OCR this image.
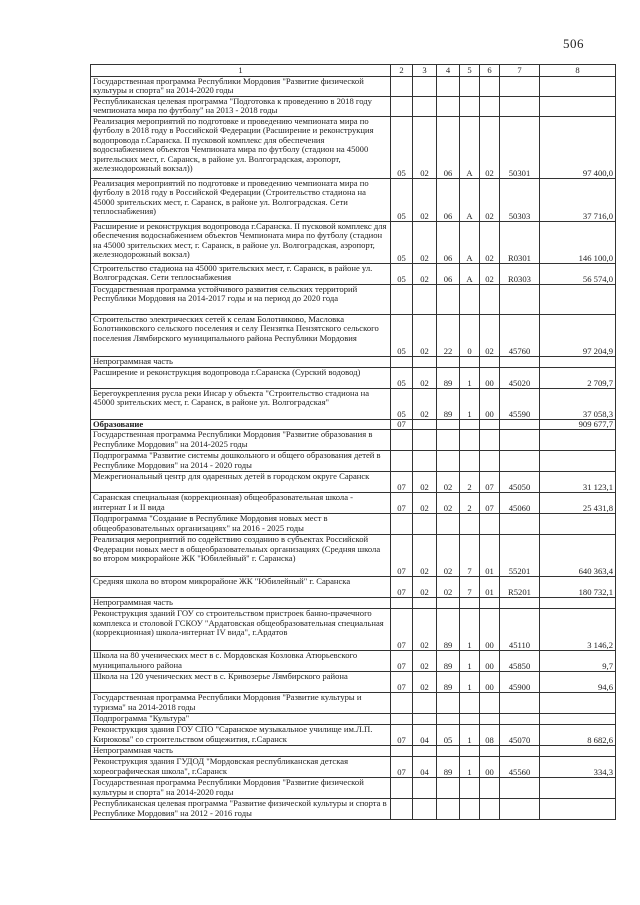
506
1	2	3	4	5	6	7	8
Государственная программа Республики Мордовия "Развитие физической культуры и спорта" на 2014-2020 годы							
Республиканская целевая программа "Подготовка к проведению в 2018 году чемпионата мира по футболу" на 2013 - 2018 годы							
Реализация мероприятий по подготовке и проведению чемпионата мира по футболу в 2018 году в Российской Федерации (Расширение и реконструкция водопровода г.Саранска. II пусковой комплекс для обеспечения водоснабжением объектов Чемпионата мира по футболу (стадион на 45000 зрительских мест, г. Саранск, в районе ул. Волгоградская, аэропорт, железнодорожный вокзал))	05	02	06	А	02	50301	97 400,0
Реализация мероприятий по подготовке и проведению чемпионата мира по футболу в 2018 году в Российской Федерации (Строительство стадиона на 45000 зрительских мест, г. Саранск, в районе ул. Волгоградская. Сети теплоснабжения)	05	02	06	А	02	50303	37 716,0
Расширение и реконструкция водопровода г.Саранска. II пусковой комплекс для обеспечения водоснабжением объектов Чемпионата мира по футболу (стадион на 45000 зрительских мест, г. Саранск, в районе ул. Волгоградская, аэропорт, железнодорожный вокзал)	05	02	06	А	02	R0301	146 100,0
Строительство стадиона на 45000 зрительских мест, г. Саранск, в районе ул. Волгоградская. Сети теплоснабжения	05	02	06	А	02	R0303	56 574,0
Государственная программа устойчивого развития сельских территорий Республики Мордовия на 2014-2017 годы и на период до 2020 года							
Строительство электрических сетей к селам Болотниково, Масловка Болотниковского сельского поселения и селу Пензятка Пензятского сельского поселения Лямбирского муниципального района Республики Мордовия	05	02	22	0	02	45760	97 204,9
Непрограммная часть							
Расширение и реконструкция водопровода г.Саранска (Сурский водовод)	05	02	89	1	00	45020	2 709,7
Берегоукрепления русла реки Инсар у объекта "Строительство стадиона на 45000 зрительских мест, г. Саранск, в районе ул. Волгоградская"	05	02	89	1	00	45590	37 058,3
Образование	07						909 677,7
Государственная программа Республики Мордовия "Развитие образования в Республике Мордовия" на 2014-2025 годы							
Подпрограмма "Развитие системы дошкольного и общего образования детей в Республике Мордовия" на 2014 - 2020 годы							
Межрегиональный центр для одаренных детей в городском округе Саранск	07	02	02	2	07	45050	31 123,1
Саранская специальная (коррекционная) общеобразовательная школа - интернат I и II вида	07	02	02	2	07	45060	25 431,8
Подпрограмма "Создание в Республике Мордовия новых мест в общеобразовательных организациях" на 2016 - 2025 годы							
Реализация мероприятий по содействию созданию в субъектах Российской Федерации новых мест в общеобразовательных организациях (Средняя школа во втором микрорайоне ЖК "Юбилейный" г. Саранска)	07	02	02	7	01	55201	640 363,4
Средняя школа во втором микрорайоне ЖК "Юбилейный" г. Саранска	07	02	02	7	01	R5201	180 732,1
Непрограммная часть							
Реконструкция зданий ГОУ со строительством пристроек банно-прачечного комплекса и столовой ГСКОУ "Ардатовская общеобразовательная специальная (коррекционная) школа-интернат IV вида", г.Ардатов	07	02	89	1	00	45110	3 146,2
Школа на 80 ученических мест в с. Мордовская Козловка Атюрьевского муниципального района	07	02	89	1	00	45850	9,7
Школа на 120 ученических мест в с. Кривозерье Лямбирского района	07	02	89	1	00	45900	94,6
Государственная программа Республики Мордовия "Развитие культуры и туризма" на 2014-2018 годы							
Подпрограмма "Культура"							
Реконструкция здания ГОУ СПО "Саранское музыкальное училище им.Л.П. Кирюкова" со строительством общежития, г.Саранск	07	04	05	1	08	45070	8 682,6
Непрограммная часть							
Реконструкция здания ГУДОД "Мордовская республиканская детская хореографическая школа", г.Саранск	07	04	89	1	00	45560	334,3
Государственная программа Республики Мордовия "Развитие физической культуры и спорта" на 2014-2020 годы							
Республиканская целевая программа "Развитие физической культуры и спорта в Республике Мордовия" на 2012 - 2016 годы							
